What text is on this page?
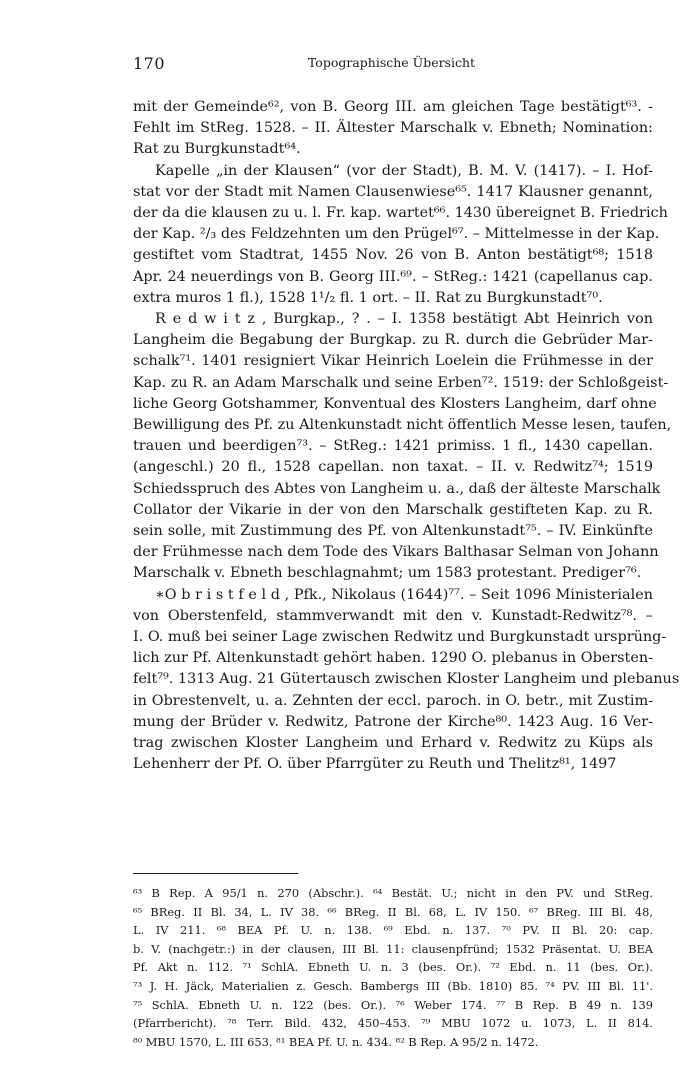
170	Topographische Übersicht
mit der Gemeinde⁶², von B. Georg III. am gleichen Tage bestätigt⁶³. -
Fehlt im StReg. 1528. – II. Ältester Marschalk v. Ebneth; Nomination:
Rat zu Burgkunstadt⁶⁴.
Kapelle „in der Klausen“ (vor der Stadt), B. M. V. (1417). – I. Hof-
stat vor der Stadt mit Namen Clausenwiese⁶⁵. 1417 Klausner genannt,
der da die klausen zu u. l. Fr. kap. wartet⁶⁶. 1430 übereignet B. Friedrich
der Kap. ²/₃ des Feldzehnten um den Prügel⁶⁷. – Mittelmesse in der Kap.
gestiftet vom Stadtrat, 1455 Nov. 26 von B. Anton bestätigt⁶⁸; 1518
Apr. 24 neuerdings von B. Georg III.⁶⁹. – StReg.: 1421 (capellanus cap.
extra muros 1 fl.), 1528 1¹/₂ fl. 1 ort. – II. Rat zu Burgkunstadt⁷⁰.
R e d w i t z , Burgkap., ? . – I. 1358 bestätigt Abt Heinrich von
Langheim die Begabung der Burgkap. zu R. durch die Gebrüder Mar-
schalk⁷¹. 1401 resigniert Vikar Heinrich Loelein die Frühmesse in der
Kap. zu R. an Adam Marschalk und seine Erben⁷². 1519: der Schloßgeist-
liche Georg Gotshammer, Konventual des Klosters Langheim, darf ohne
Bewilligung des Pf. zu Altenkunstadt nicht öffentlich Messe lesen, taufen,
trauen und beerdigen⁷³. – StReg.: 1421 primiss. 1 fl., 1430 capellan.
(angeschl.) 20 fl., 1528 capellan. non taxat. – II. v. Redwitz⁷⁴; 1519
Schiedsspruch des Abtes von Langheim u. a., daß der älteste Marschalk
Collator der Vikarie in der von den Marschalk gestifteten Kap. zu R.
sein solle, mit Zustimmung des Pf. von Altenkunstadt⁷⁵. – IV. Einkünfte
der Frühmesse nach dem Tode des Vikars Balthasar Selman von Johann
Marschalk v. Ebneth beschlagnahmt; um 1583 protestant. Prediger⁷⁶.
∗O b r i s t f e l d , Pfk., Nikolaus (1644)⁷⁷. – Seit 1096 Ministerialen
von Oberstenfeld, stammverwandt mit den v. Kunstadt-Redwitz⁷⁸. –
I. O. muß bei seiner Lage zwischen Redwitz und Burgkunstadt ursprüng-
lich zur Pf. Altenkunstadt gehört haben. 1290 O. plebanus in Obersten-
felt⁷⁹. 1313 Aug. 21 Gütertausch zwischen Kloster Langheim und plebanus
in Obrestenvelt, u. a. Zehnten der eccl. paroch. in O. betr., mit Zustim-
mung der Brüder v. Redwitz, Patrone der Kirche⁸⁰. 1423 Aug. 16 Ver-
trag zwischen Kloster Langheim und Erhard v. Redwitz zu Küps als
Lehenherr der Pf. O. über Pfarrgüter zu Reuth und Thelitz⁸¹, 1497
⁶³ B Rep. A 95/1 n. 270 (Abschr.). ⁶⁴ Bestät. U.; nicht in den PV. und StReg.
⁶⁵ BReg. II Bl. 34, L. IV 38. ⁶⁶ BReg. II Bl. 68, L. IV 150. ⁶⁷ BReg. III Bl. 48,
L. IV 211. ⁶⁸ BEA Pf. U. n. 138. ⁶⁹ Ebd. n. 137. ⁷⁰ PV. II Bl. 20: cap.
b. V. (nachgetr.:) in der clausen, III Bl. 11: clausenpfründ; 1532 Präsentat. U. BEA
Pf. Akt n. 112. ⁷¹ SchlA. Ebneth U. n. 3 (bes. Or.). ⁷² Ebd. n. 11 (bes. Or.).
⁷³ J. H. Jäck, Materialien z. Gesch. Bambergs III (Bb. 1810) 85. ⁷⁴ PV. III Bl. 11'.
⁷⁵ SchlA. Ebneth U. n. 122 (bes. Or.). ⁷⁶ Weber 174. ⁷⁷ B Rep. B 49 n. 139
(Pfarrbericht). ⁷⁸ Terr. Bild. 432, 450–453. ⁷⁹ MBU 1072 u. 1073, L. II 814.
⁸⁰ MBU 1570, L. III 653. ⁸¹ BEA Pf. U. n. 434. ⁸² B Rep. A 95/2 n. 1472.
